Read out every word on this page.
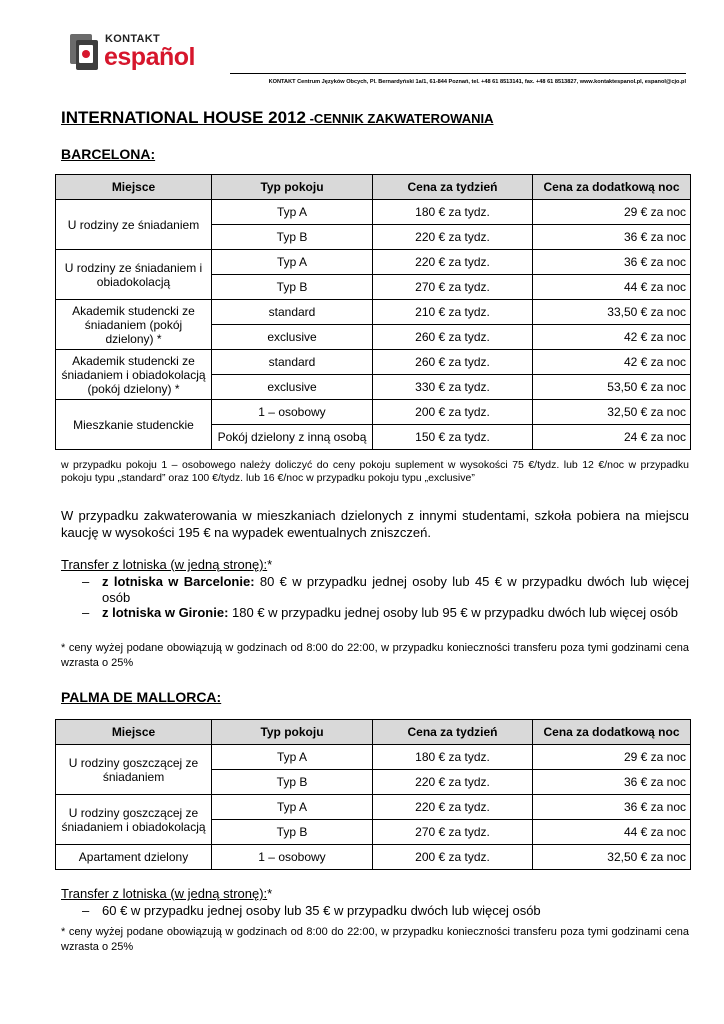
KONTAKT
español
KONTAKT Centrum Języków Obcych, Pl. Bernardyński 1a/1, 61-844 Poznań, tel. +48 61 8513141, fax. +48 61 8513827, www.kontaktespanol.pl, espanol@cjo.pl
INTERNATIONAL HOUSE 2012 -CENNIK ZAKWATEROWANIA
BARCELONA:
Miejsce	Typ pokoju	Cena za tydzień	Cena za dodatkową noc
U rodziny ze śniadaniem	Typ A	180 € za tydz.	29 € za noc
	Typ B	220 € za tydz.	36 € za noc
U rodziny ze śniadaniem i obiadokolacją	Typ A	220 € za tydz.	36 € za noc
	Typ B	270 € za tydz.	44 € za noc
Akademik studencki ze śniadaniem (pokój dzielony) *	standard	210 € za tydz.	33,50 € za noc
	exclusive	260 € za tydz.	42 € za noc
Akademik studencki ze śniadaniem i obiadokolacją (pokój dzielony) *	standard	260 € za tydz.	42 € za noc
	exclusive	330 € za tydz.	53,50 € za noc
Mieszkanie studenckie	1 – osobowy	200 € za tydz.	32,50 € za noc
	Pokój dzielony z inną osobą	150 € za tydz.	24 € za noc
w przypadku pokoju 1 – osobowego należy doliczyć do ceny pokoju suplement w wysokości 75 €/tydz. lub 12 €/noc w przypadku pokoju typu „standard” oraz 100 €/tydz. lub 16 €/noc w przypadku pokoju typu „exclusive”
W przypadku zakwaterowania w mieszkaniach dzielonych z innymi studentami, szkoła pobiera na miejscu kaucję w wysokości 195 € na wypadek ewentualnych zniszczeń.
Transfer z lotniska (w jedną stronę):*
– z lotniska w Barcelonie: 80 € w przypadku jednej osoby lub 45 € w przypadku dwóch lub więcej osób
– z lotniska w Gironie: 180 € w przypadku jednej osoby lub 95 € w przypadku dwóch lub więcej osób
* ceny wyżej podane obowiązują w godzinach od 8:00 do 22:00, w przypadku konieczności transferu poza tymi godzinami cena wzrasta o 25%
PALMA DE MALLORCA:
Miejsce	Typ pokoju	Cena za tydzień	Cena za dodatkową noc
U rodziny goszczącej ze śniadaniem	Typ A	180 € za tydz.	29 € za noc
	Typ B	220 € za tydz.	36 € za noc
U rodziny goszczącej ze śniadaniem i obiadokolacją	Typ A	220 € za tydz.	36 € za noc
	Typ B	270 € za tydz.	44 € za noc
Apartament dzielony	1 – osobowy	200 € za tydz.	32,50 € za noc
Transfer z lotniska (w jedną stronę):*
– 60 € w przypadku jednej osoby lub 35 € w przypadku dwóch lub więcej osób
* ceny wyżej podane obowiązują w godzinach od 8:00 do 22:00, w przypadku konieczności transferu poza tymi godzinami cena wzrasta o 25%
